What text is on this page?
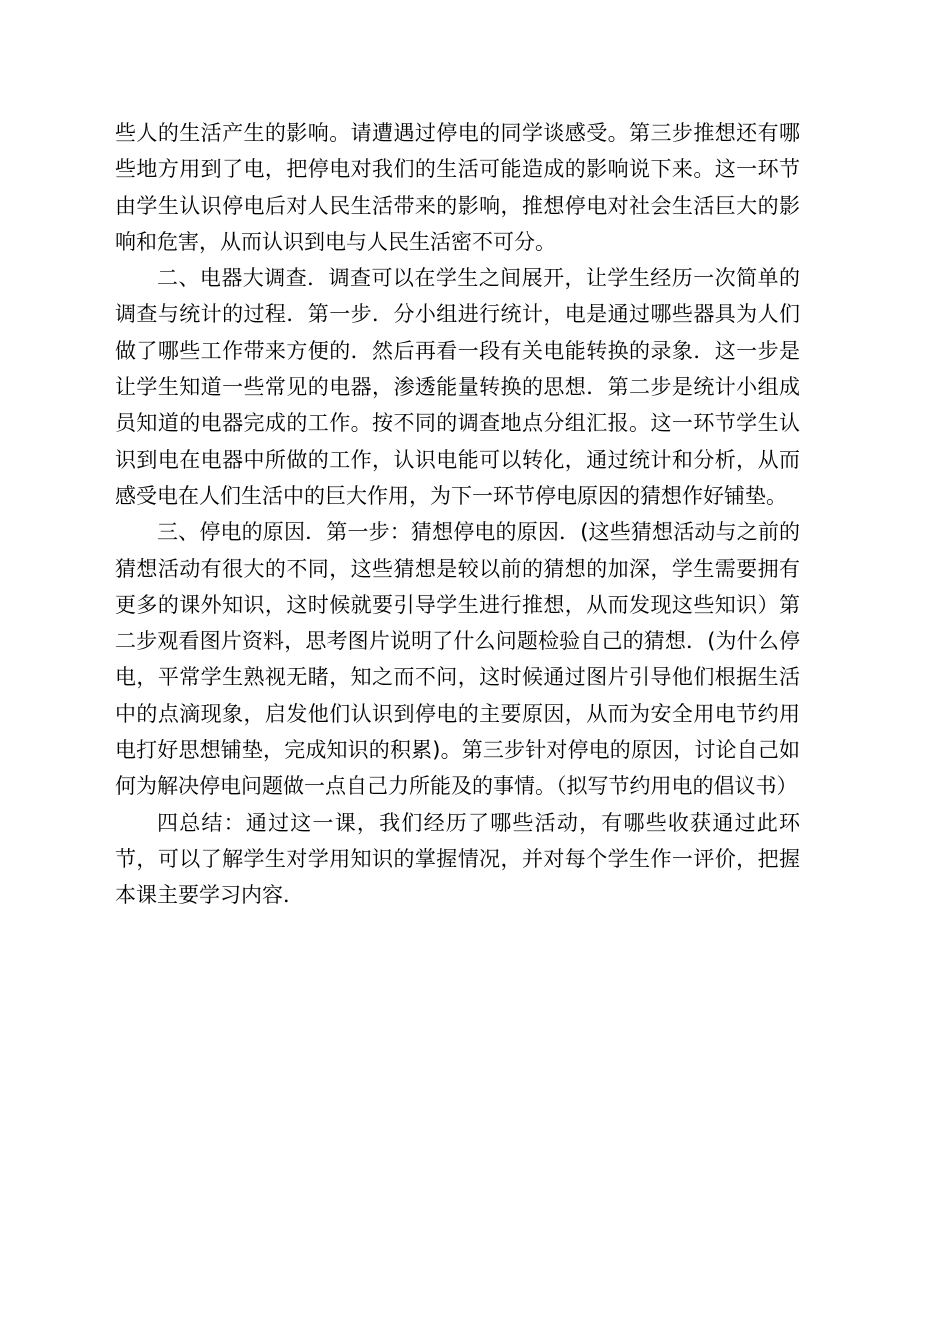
些人的生活产生的影响。请遭遇过停电的同学谈感受。第三步推想还有哪些地方用到了电，把停电对我们的生活可能造成的影响说下来。这一环节由学生认识停电后对人民生活带来的影响，推想停电对社会生活巨大的影响和危害，从而认识到电与人民生活密不可分。

二、电器大调查．调查可以在学生之间展开，让学生经历一次简单的调查与统计的过程．第一步．分小组进行统计，电是通过哪些器具为人们做了哪些工作带来方便的．然后再看一段有关电能转换的录象．这一步是让学生知道一些常见的电器，渗透能量转换的思想．第二步是统计小组成员知道的电器完成的工作。按不同的调查地点分组汇报。这一环节学生认识到电在电器中所做的工作，认识电能可以转化，通过统计和分析，从而感受电在人们生活中的巨大作用，为下一环节停电原因的猜想作好铺垫。

三、停电的原因．第一步：猜想停电的原因．(这些猜想活动与之前的猜想活动有很大的不同，这些猜想是较以前的猜想的加深，学生需要拥有更多的课外知识，这时候就要引导学生进行推想，从而发现这些知识）第二步观看图片资料，思考图片说明了什么问题检验自己的猜想．(为什么停电，平常学生熟视无睹，知之而不问，这时候通过图片引导他们根据生活中的点滴现象，启发他们认识到停电的主要原因，从而为安全用电节约用电打好思想铺垫，完成知识的积累)。第三步针对停电的原因，讨论自己如何为解决停电问题做一点自己力所能及的事情。（拟写节约用电的倡议书）

四总结：通过这一课，我们经历了哪些活动，有哪些收获通过此环节，可以了解学生对学用知识的掌握情况，并对每个学生作一评价，把握本课主要学习内容．
